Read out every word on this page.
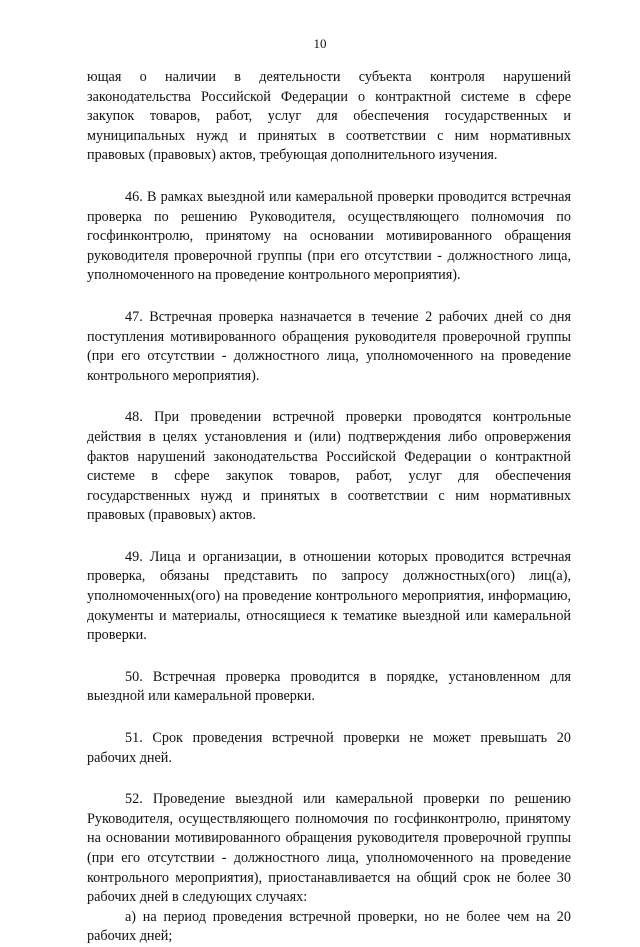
10

ющая о наличии в деятельности субъекта контроля нарушений законодательства Российской Федерации о контрактной системе в сфере закупок товаров, работ, услуг для обеспечения государственных и муниципальных нужд и принятых в соответствии с ним нормативных правовых (правовых) актов, требующая дополнительного изучения.

46. В рамках выездной или камеральной проверки проводится встречная проверка по решению Руководителя, осуществляющего полномочия по госфинконтролю, принятому на основании мотивированного обращения руководителя проверочной группы (при его отсутствии - должностного лица, уполномоченного на проведение контрольного мероприятия).

47. Встречная проверка назначается в течение 2 рабочих дней со дня поступления мотивированного обращения руководителя проверочной группы (при его отсутствии - должностного лица, уполномоченного на проведение контрольного мероприятия).

48. При проведении встречной проверки проводятся контрольные действия в целях установления и (или) подтверждения либо опровержения фактов нарушений законодательства Российской Федерации о контрактной системе в сфере закупок товаров, работ, услуг для обеспечения государственных нужд и принятых в соответствии с ним нормативных правовых (правовых) актов.

49. Лица и организации, в отношении которых проводится встречная проверка, обязаны представить по запросу должностных(ого) лиц(а), уполномоченных(ого) на проведение контрольного мероприятия, информацию, документы и материалы, относящиеся к тематике выездной или камеральной проверки.

50. Встречная проверка проводится в порядке, установленном для выездной или камеральной проверки.

51. Срок проведения встречной проверки не может превышать 20 рабочих дней.

52. Проведение выездной или камеральной проверки по решению Руководителя, осуществляющего полномочия по госфинконтролю, принятому на основании мотивированного обращения руководителя проверочной группы (при его отсутствии - должностного лица, уполномоченного на проведение контрольного мероприятия), приостанавливается на общий срок не более 30 рабочих дней в следующих случаях:

а) на период проведения встречной проверки, но не более чем на 20 рабочих дней;
